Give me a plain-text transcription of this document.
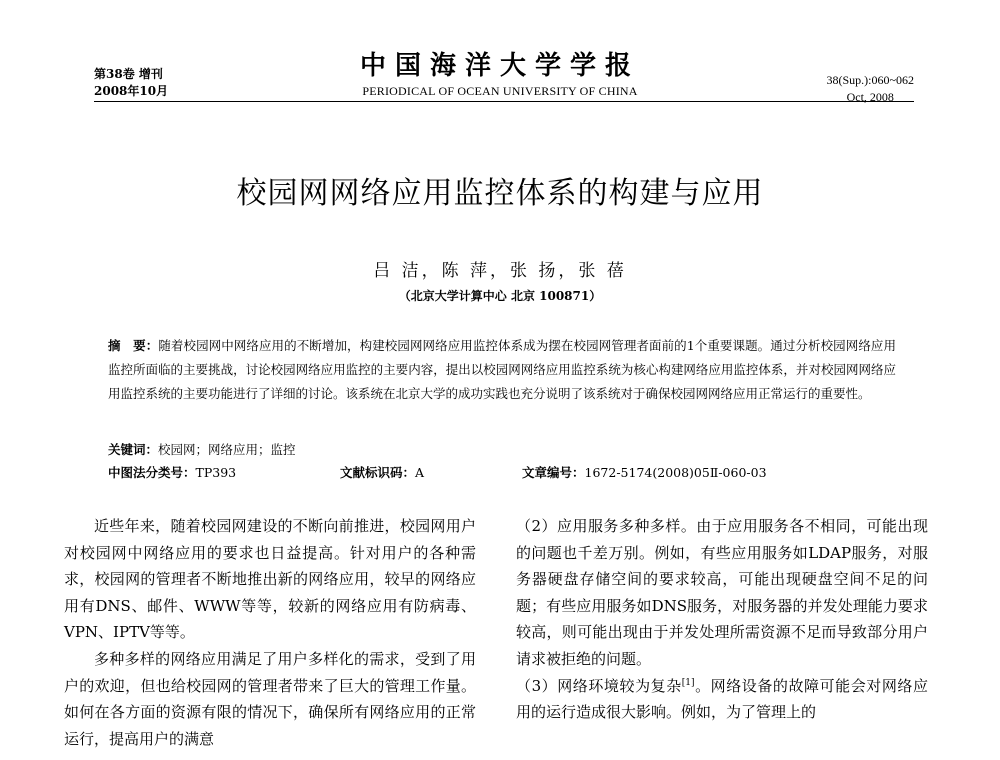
第38卷 增刊
2008年10月
中国海洋大学学报
PERIODICAL OF OCEAN UNIVERSITY OF CHINA
38(Sup.):060~062
Oct, 2008
校园网网络应用监控体系的构建与应用
吕 洁，陈 萍，张 扬，张 蓓
（北京大学计算中心 北京 100871）
摘　要：随着校园网中网络应用的不断增加，构建校园网网络应用监控体系成为摆在校园网管理者面前的1个重要课题。通过分析校园网络应用监控所面临的主要挑战，讨论校园网络应用监控的主要内容，提出以校园网网络应用监控系统为核心构建网络应用监控体系，并对校园网网络应用监控系统的主要功能进行了详细的讨论。该系统在北京大学的成功实践也充分说明了该系统对于确保校园网网络应用正常运行的重要性。
关键词：校园网；网络应用；监控
中图法分类号：TP393	文献标识码：A	文章编号：1672-5174(2008)05Ⅱ-060-03

近些年来，随着校园网建设的不断向前推进，校园网用户对校园网中网络应用的要求也日益提高。针对用户的各种需求，校园网的管理者不断地推出新的网络应用，较早的网络应用有DNS、邮件、WWW等等，较新的网络应用有防病毒、VPN、IPTV等等。

多种多样的网络应用满足了用户多样化的需求，受到了用户的欢迎，但也给校园网的管理者带来了巨大的管理工作量。如何在各方面的资源有限的情况下，确保所有网络应用的正常运行，提高用户的满意

（2）应用服务多种多样。由于应用服务各不相同，可能出现的问题也千差万别。例如，有些应用服务如LDAP服务，对服务器硬盘存储空间的要求较高，可能出现硬盘空间不足的问题；有些应用服务如DNS服务，对服务器的并发处理能力要求较高，则可能出现由于并发处理所需资源不足而导致部分用户请求被拒绝的问题。

（3）网络环境较为复杂[1]。网络设备的故障可能会对网络应用的运行造成很大影响。例如，为了管理上的
